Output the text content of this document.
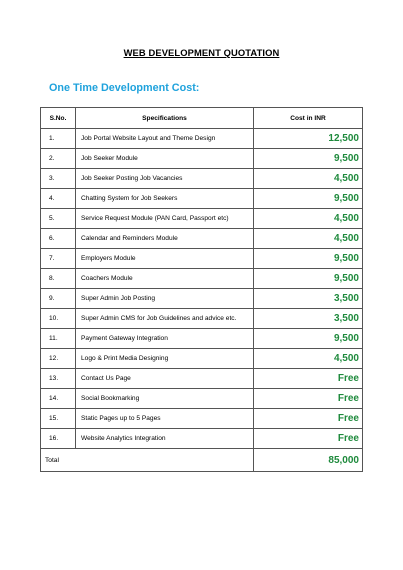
WEB DEVELOPMENT QUOTATION
One Time Development Cost:
S.No.	Specifications	Cost in INR
1.	Job Portal Website Layout and Theme Design	12,500
2.	Job Seeker Module	9,500
3.	Job Seeker Posting Job Vacancies	4,500
4.	Chatting System for Job Seekers	9,500
5.	Service Request Module (PAN Card, Passport etc)	4,500
6.	Calendar and Reminders Module	4,500
7.	Employers Module	9,500
8.	Coachers Module	9,500
9.	Super Admin Job Posting	3,500
10.	Super Admin CMS for Job Guidelines and advice etc.	3,500
11.	Payment Gateway Integration	9,500
12.	Logo & Print Media Designing	4,500
13.	Contact Us Page	Free
14.	Social Bookmarking	Free
15.	Static Pages up to 5 Pages	Free
16.	Website Analytics Integration	Free
Total		85,000
